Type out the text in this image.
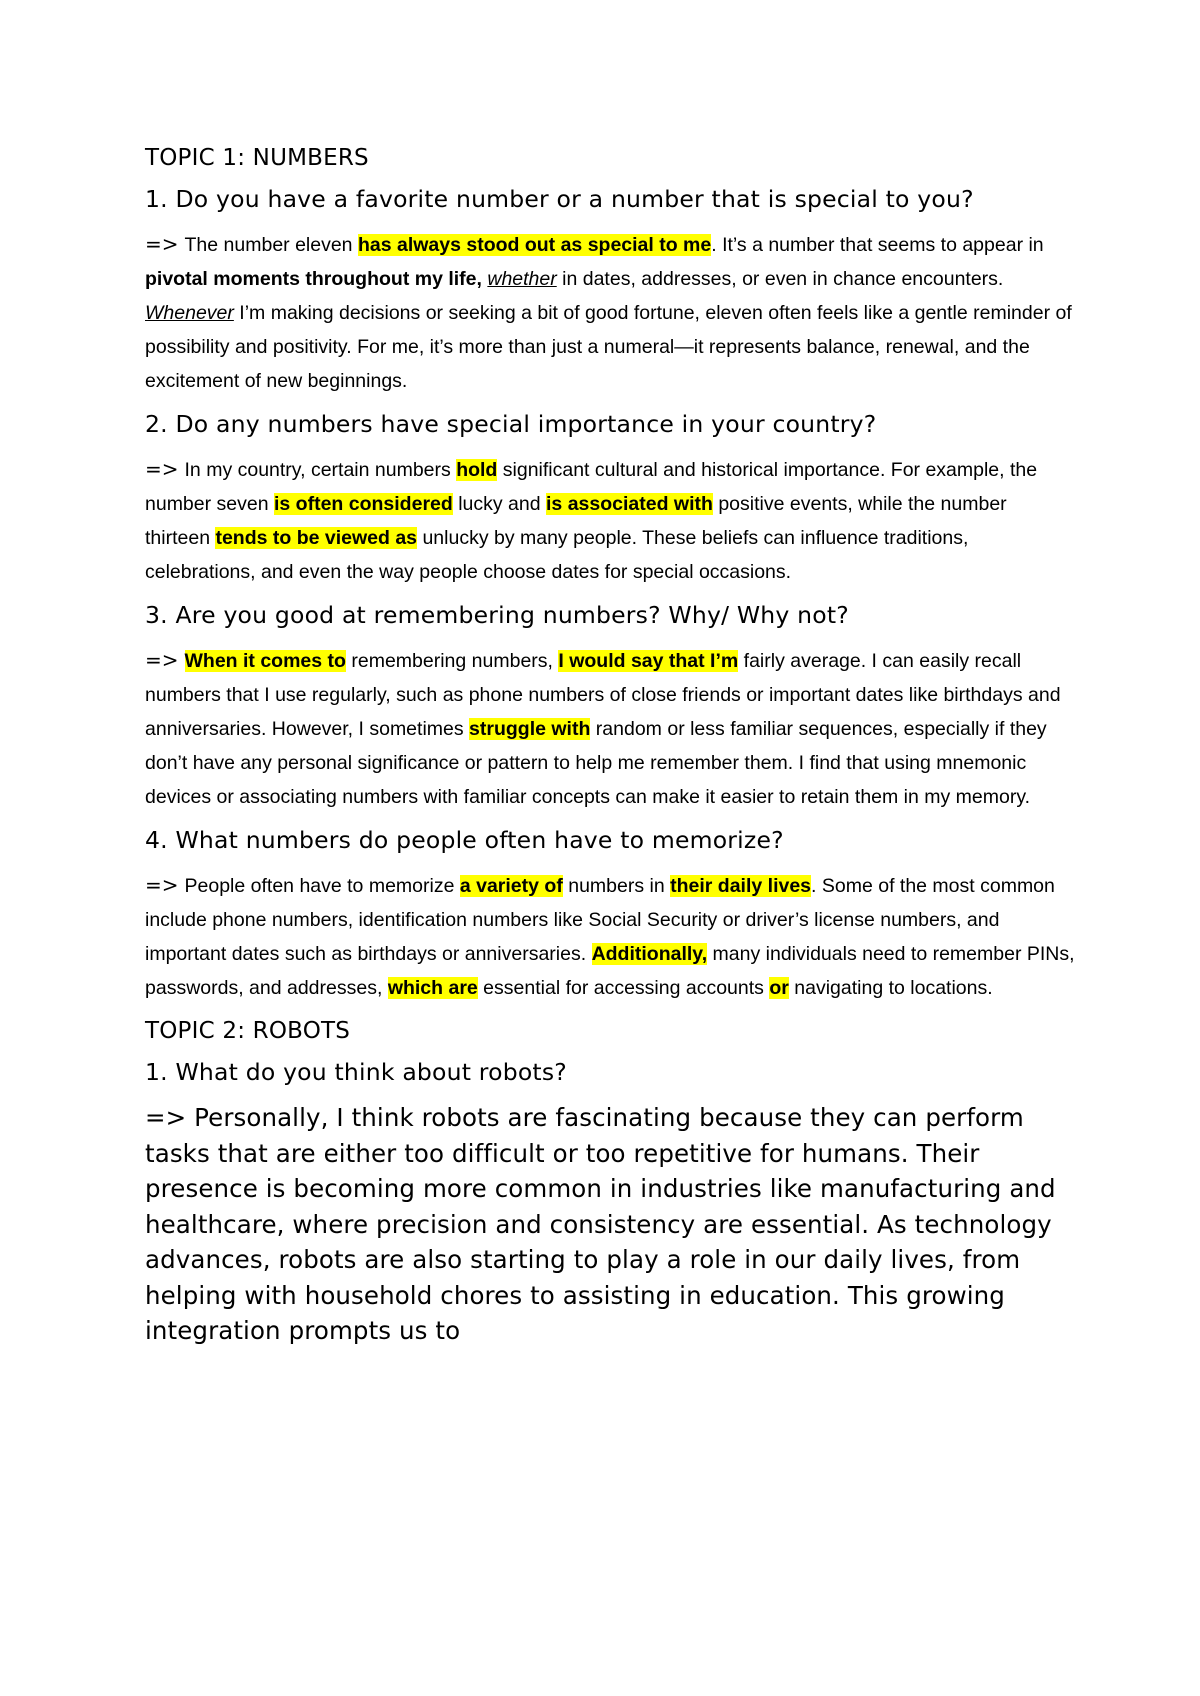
TOPIC 1: NUMBERS

1. Do you have a favorite number or a number that is special to you?

=> The number eleven has always stood out as special to me. It’s a number that seems to appear in pivotal moments throughout my life, whether in dates, addresses, or even in chance encounters. Whenever I’m making decisions or seeking a bit of good fortune, eleven often feels like a gentle reminder of possibility and positivity. For me, it’s more than just a numeral—it represents balance, renewal, and the excitement of new beginnings.

2. Do any numbers have special importance in your country?

=> In my country, certain numbers hold significant cultural and historical importance. For example, the number seven is often considered lucky and is associated with positive events, while the number thirteen tends to be viewed as unlucky by many people. These beliefs can influence traditions, celebrations, and even the way people choose dates for special occasions.

3. Are you good at remembering numbers? Why/ Why not?

=> When it comes to remembering numbers, I would say that I’m fairly average. I can easily recall numbers that I use regularly, such as phone numbers of close friends or important dates like birthdays and anniversaries. However, I sometimes struggle with random or less familiar sequences, especially if they don’t have any personal significance or pattern to help me remember them. I find that using mnemonic devices or associating numbers with familiar concepts can make it easier to retain them in my memory.

4. What numbers do people often have to memorize?

=> People often have to memorize a variety of numbers in their daily lives. Some of the most common include phone numbers, identification numbers like Social Security or driver’s license numbers, and important dates such as birthdays or anniversaries. Additionally, many individuals need to remember PINs, passwords, and addresses, which are essential for accessing accounts or navigating to locations.

TOPIC 2: ROBOTS

1. What do you think about robots?

=> Personally, I think robots are fascinating because they can perform tasks that are either too difficult or too repetitive for humans. Their presence is becoming more common in industries like manufacturing and healthcare, where precision and consistency are essential. As technology advances, robots are also starting to play a role in our daily lives, from helping with household chores to assisting in education. This growing integration prompts us to
